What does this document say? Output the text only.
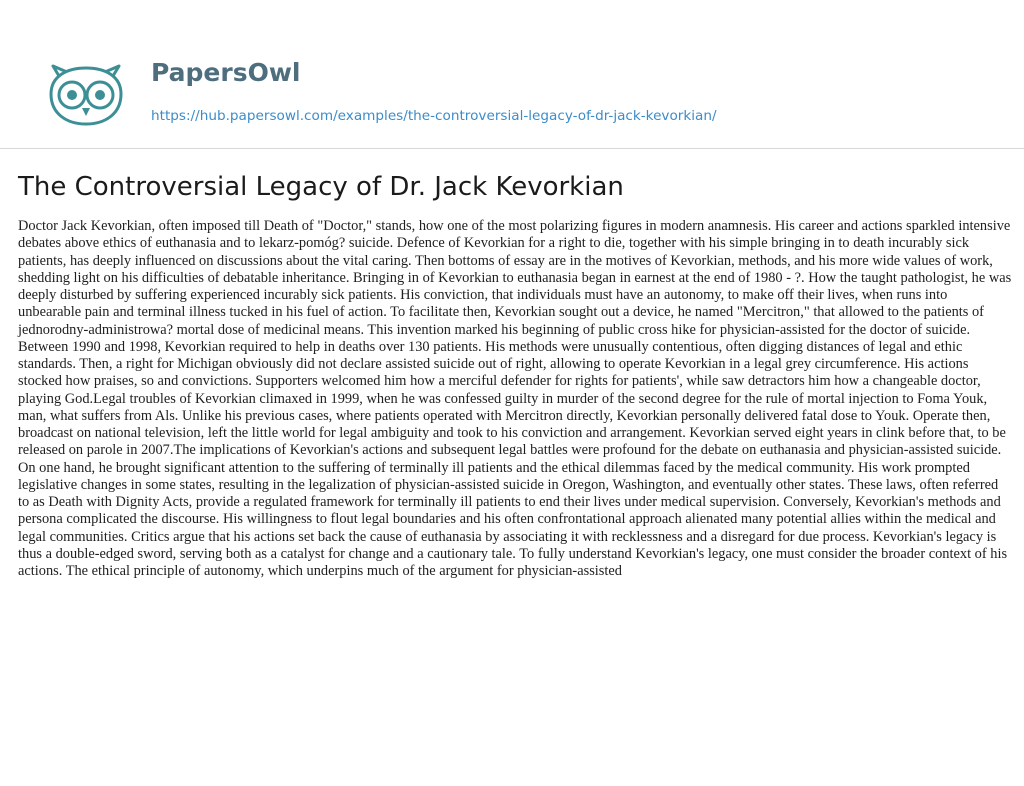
PapersOwl
https://hub.papersowl.com/examples/the-controversial-legacy-of-dr-jack-kevorkian/
The Controversial Legacy of Dr. Jack Kevorkian

Doctor Jack Kevorkian, often imposed till Death of "Doctor," stands, how one of the most polarizing figures in modern anamnesis. His career and actions sparkled intensive debates above ethics of euthanasia and to lekarz-pomóg? suicide. Defence of Kevorkian for a right to die, together with his simple bringing in to death incurably sick patients, has deeply influenced on discussions about the vital caring. Then bottoms of essay are in the motives of Kevorkian, methods, and his more wide values of work, shedding light on his difficulties of debatable inheritance. Bringing in of Kevorkian to euthanasia began in earnest at the end of 1980 - ?. How the taught pathologist, he was deeply disturbed by suffering experienced incurably sick patients. His conviction, that individuals must have an autonomy, to make off their lives, when runs into unbearable pain and terminal illness tucked in his fuel of action. To facilitate then, Kevorkian sought out a device, he named "Mercitron," that allowed to the patients of jednorodny-administrowa? mortal dose of medicinal means. This invention marked his beginning of public cross hike for physician-assisted for the doctor of suicide. Between 1990 and 1998, Kevorkian required to help in deaths over 130 patients. His methods were unusually contentious, often digging distances of legal and ethic standards. Then, a right for Michigan obviously did not declare assisted suicide out of right, allowing to operate Kevorkian in a legal grey circumference. His actions stocked how praises, so and convictions. Supporters welcomed him how a merciful defender for rights for patients', while saw detractors him how a changeable doctor, playing God.Legal troubles of Kevorkian climaxed in 1999, when he was confessed guilty in murder of the second degree for the rule of mortal injection to Foma Youk, man, what suffers from Als. Unlike his previous cases, where patients operated with Mercitron directly, Kevorkian personally delivered fatal dose to Youk. Operate then, broadcast on national television, left the little world for legal ambiguity and took to his conviction and arrangement. Kevorkian served eight years in clink before that, to be released on parole in 2007.The implications of Kevorkian's actions and subsequent legal battles were profound for the debate on euthanasia and physician-assisted suicide. On one hand, he brought significant attention to the suffering of terminally ill patients and the ethical dilemmas faced by the medical community. His work prompted legislative changes in some states, resulting in the legalization of physician-assisted suicide in Oregon, Washington, and eventually other states. These laws, often referred to as Death with Dignity Acts, provide a regulated framework for terminally ill patients to end their lives under medical supervision. Conversely, Kevorkian's methods and persona complicated the discourse. His willingness to flout legal boundaries and his often confrontational approach alienated many potential allies within the medical and legal communities. Critics argue that his actions set back the cause of euthanasia by associating it with recklessness and a disregard for due process. Kevorkian's legacy is thus a double-edged sword, serving both as a catalyst for change and a cautionary tale. To fully understand Kevorkian's legacy, one must consider the broader context of his actions. The ethical principle of autonomy, which underpins much of the argument for physician-assisted
